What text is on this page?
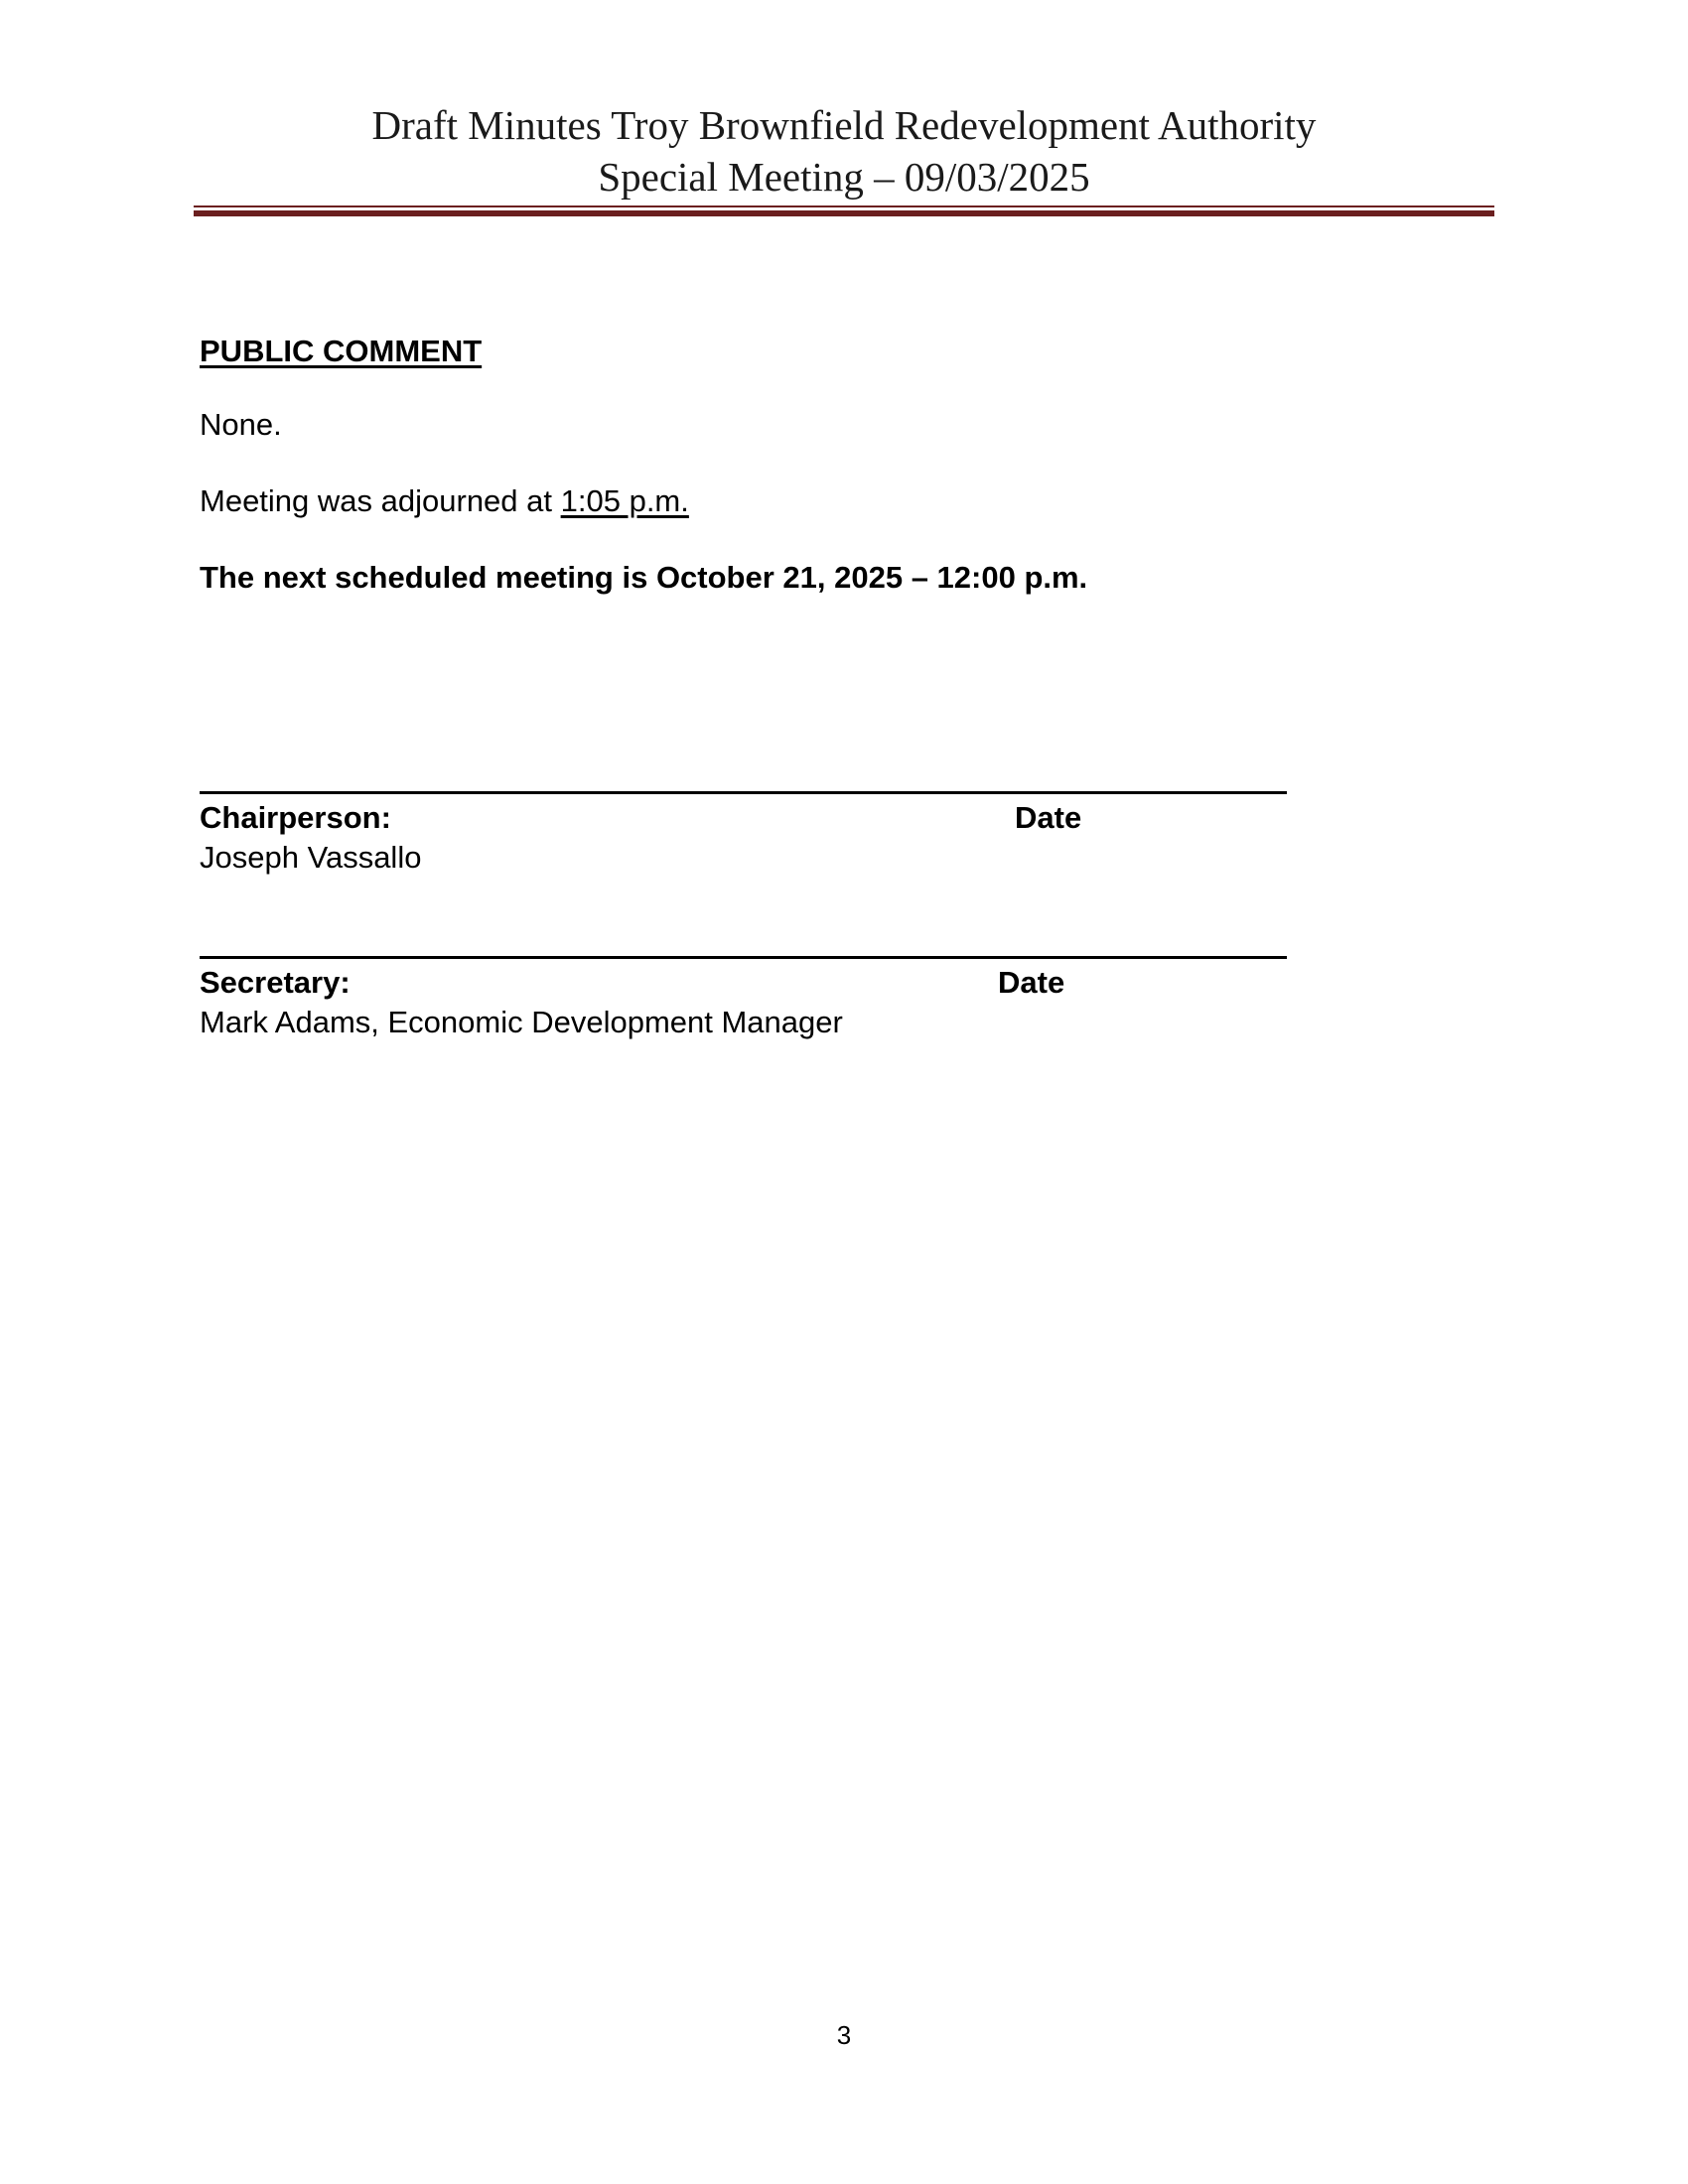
Draft Minutes Troy Brownfield Redevelopment Authority
Special Meeting – 09/03/2025
PUBLIC COMMENT

None.

Meeting was adjourned at 1:05 p.m.

The next scheduled meeting is October 21, 2025 – 12:00 p.m.

Chairperson:	Date
Joseph Vassallo
Secretary:	Date
Mark Adams, Economic Development Manager
3
